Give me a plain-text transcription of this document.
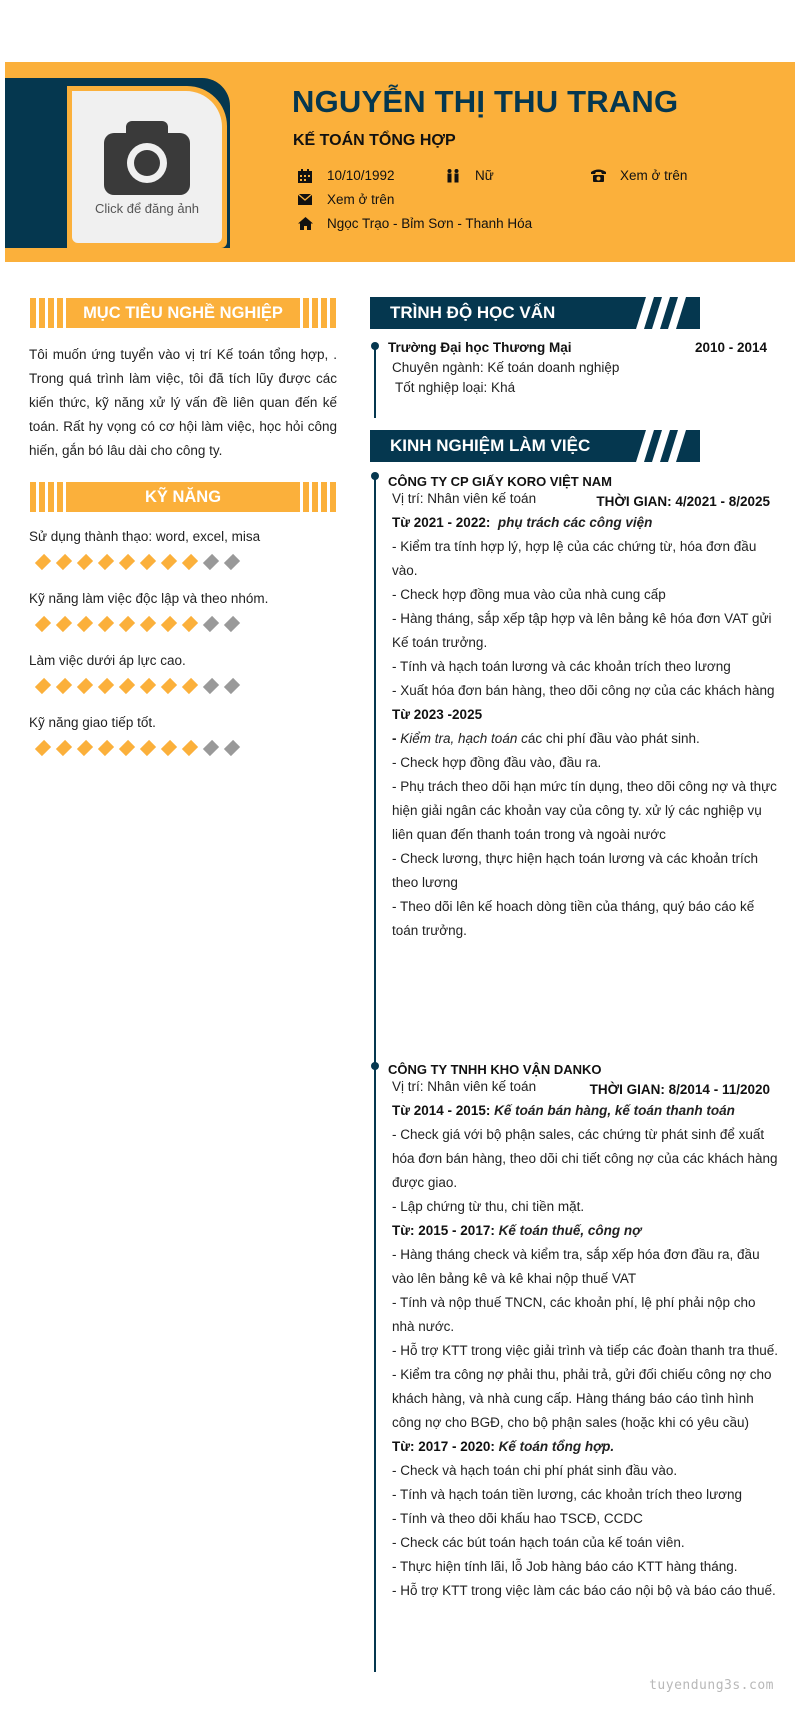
Click để đăng ảnh
NGUYỄN THỊ THU TRANG
KẾ TOÁN TỔNG HỢP
10/10/1992	Nữ	Xem ở trên
Xem ở trên
Ngọc Trạo - Bỉm Sơn - Thanh Hóa
MỤC TIÊU NGHỀ NGHIỆP
Tôi muốn ứng tuyển vào vị trí Kế toán tổng hợp, . Trong quá trình làm việc, tôi đã tích lũy được các kiến thức, kỹ năng xử lý vấn đề liên quan đến kế toán. Rất hy vọng có cơ hội làm việc, học hỏi công hiến, gắn bó lâu dài cho công ty.
KỸ NĂNG
Sử dụng thành thạo: word, excel, misa
Kỹ năng làm việc độc lập và theo nhóm.
Làm việc dưới áp lực cao.
Kỹ năng giao tiếp tốt.
TRÌNH ĐỘ HỌC VẤN
Trường Đại học Thương Mại	2010 - 2014
Chuyên ngành: Kế toán doanh nghiệp
Tốt nghiệp loại: Khá
KINH NGHIỆM LÀM VIỆC
CÔNG TY CP GIẤY KORO VIỆT NAM
Vị trí: Nhân viên kế toán	THỜI GIAN: 4/2021 - 8/2025
Từ 2021 - 2022: phụ trách các công viện
- Kiểm tra tính hợp lý, hợp lệ của các chứng từ, hóa đơn đầu vào.
- Check hợp đồng mua vào của nhà cung cấp
- Hàng tháng, sắp xếp tập hợp và lên bảng kê hóa đơn VAT gửi Kế toán trưởng.
- Tính và hạch toán lương và các khoản trích theo lương
- Xuất hóa đơn bán hàng, theo dõi công nợ của các khách hàng
Từ 2023 -2025
- Kiểm tra, hạch toán các chi phí đầu vào phát sinh.
- Check hợp đồng đầu vào, đầu ra.
- Phụ trách theo dõi hạn mức tín dụng, theo dõi công nợ và thực hiện giải ngân các khoản vay của công ty. xử lý các nghiệp vụ liên quan đến thanh toán trong và ngoài nước
- Check lương, thực hiện hạch toán lương và các khoản trích theo lương
- Theo dõi lên kế hoach dòng tiền của tháng, quý báo cáo kế toán trưởng.
CÔNG TY TNHH KHO VẬN DANKO
Vị trí: Nhân viên kế toán	THỜI GIAN: 8/2014 - 11/2020
Từ 2014 - 2015: Kế toán bán hàng, kế toán thanh toán
- Check giá với bộ phận sales, các chứng từ phát sinh để xuất hóa đơn bán hàng, theo dõi chi tiết công nợ của các khách hàng được giao.
- Lập chứng từ thu, chi tiền mặt.
Từ: 2015 - 2017: Kế toán thuế, công nợ
- Hàng tháng check và kiểm tra, sắp xếp hóa đơn đầu ra, đầu vào lên bảng kê và kê khai nộp thuế VAT
- Tính và nộp thuế TNCN, các khoản phí, lệ phí phải nộp cho nhà nước.
- Hỗ trợ KTT trong việc giải trình và tiếp các đoàn thanh tra thuế.
- Kiểm tra công nợ phải thu, phải trả, gửi đối chiếu công nợ cho khách hàng, và nhà cung cấp. Hàng tháng báo cáo tình hình công nợ cho BGĐ, cho bộ phận sales (hoặc khi có yêu cầu)
Từ: 2017 - 2020: Kế toán tổng hợp.
- Check và hạch toán chi phí phát sinh đầu vào.
- Tính và hạch toán tiền lương, các khoản trích theo lương
- Tính và theo dõi khấu hao TSCĐ, CCDC
- Check các bút toán hạch toán của kế toán viên.
- Thực hiện tính lãi, lỗ Job hàng báo cáo KTT hàng tháng.
- Hỗ trợ KTT trong việc làm các báo cáo nội bộ và báo cáo thuế.
tuyendung3s.com
